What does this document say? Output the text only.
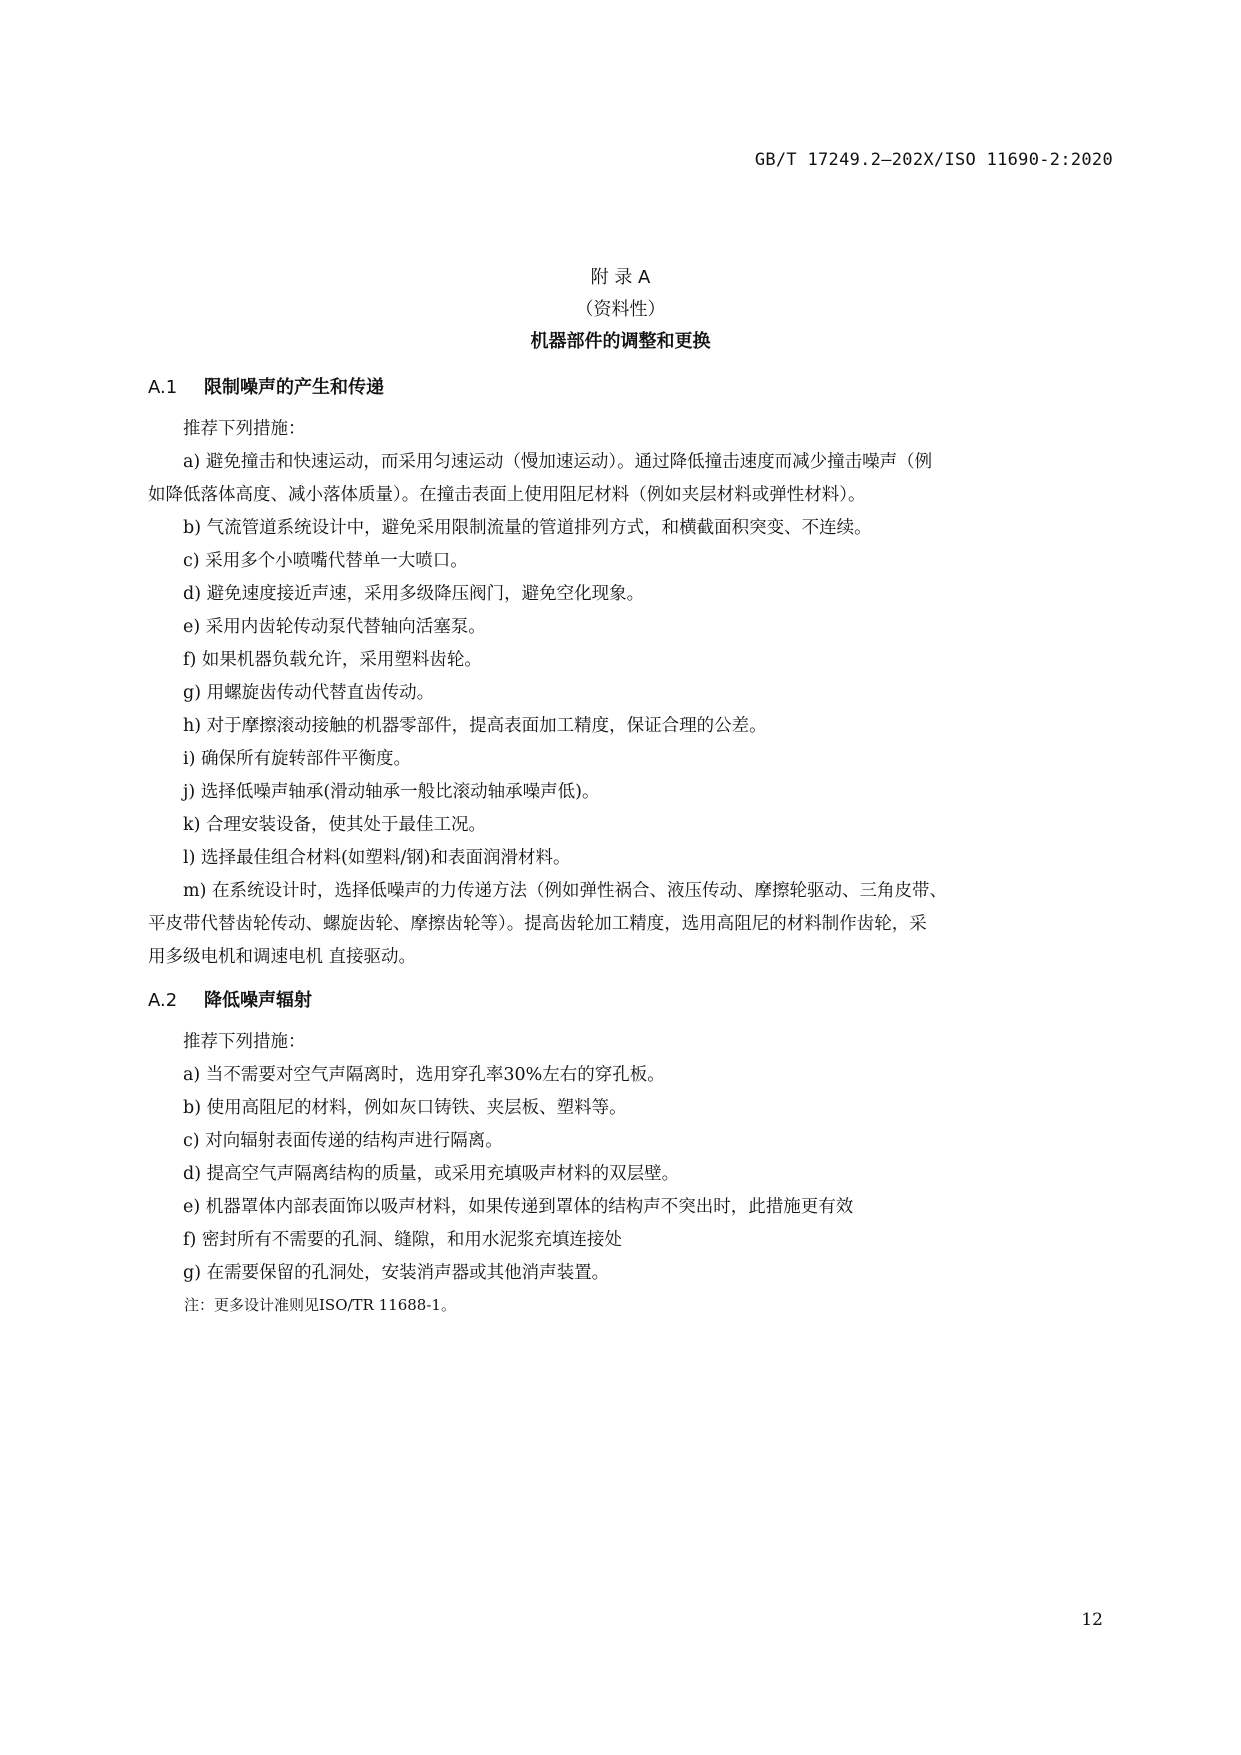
GB/T 17249.2—202X/ISO 11690-2:2020
附 录 A
（资料性）
机器部件的调整和更换
A.1 限制噪声的产生和传递

推荐下列措施：

a) 避免撞击和快速运动，而采用匀速运动（慢加速运动）。通过降低撞击速度而减少撞击噪声（例
如降低落体高度、减小落体质量）。在撞击表面上使用阻尼材料（例如夹层材料或弹性材料）。

b) 气流管道系统设计中，避免采用限制流量的管道排列方式，和横截面积突变、不连续。

c) 采用多个小喷嘴代替单一大喷口。

d) 避免速度接近声速，采用多级降压阀门，避免空化现象。

e) 采用内齿轮传动泵代替轴向活塞泵。

f) 如果机器负载允许，采用塑料齿轮。

g) 用螺旋齿传动代替直齿传动。

h) 对于摩擦滚动接触的机器零部件，提高表面加工精度，保证合理的公差。

i) 确保所有旋转部件平衡度。

j) 选择低噪声轴承(滑动轴承一般比滚动轴承噪声低)。

k) 合理安装设备，使其处于最佳工况。

l) 选择最佳组合材料(如塑料/钢)和表面润滑材料。

m) 在系统设计时，选择低噪声的力传递方法（例如弹性祸合、液压传动、摩擦轮驱动、三角皮带、
平皮带代替齿轮传动、螺旋齿轮、摩擦齿轮等）。提高齿轮加工精度，选用高阻尼的材料制作齿轮，采
用多级电机和调速电机 直接驱动。

A.2 降低噪声辐射

推荐下列措施：

a) 当不需要对空气声隔离时，选用穿孔率30%左右的穿孔板。

b) 使用高阻尼的材料，例如灰口铸铁、夹层板、塑料等。

c) 对向辐射表面传递的结构声进行隔离。

d) 提高空气声隔离结构的质量，或采用充填吸声材料的双层壁。

e) 机器罩体内部表面饰以吸声材料，如果传递到罩体的结构声不突出时，此措施更有效

f) 密封所有不需要的孔洞、缝隙，和用水泥浆充填连接处

g) 在需要保留的孔洞处，安装消声器或其他消声装置。

注：更多设计准则见ISO/TR 11688-1。
12
